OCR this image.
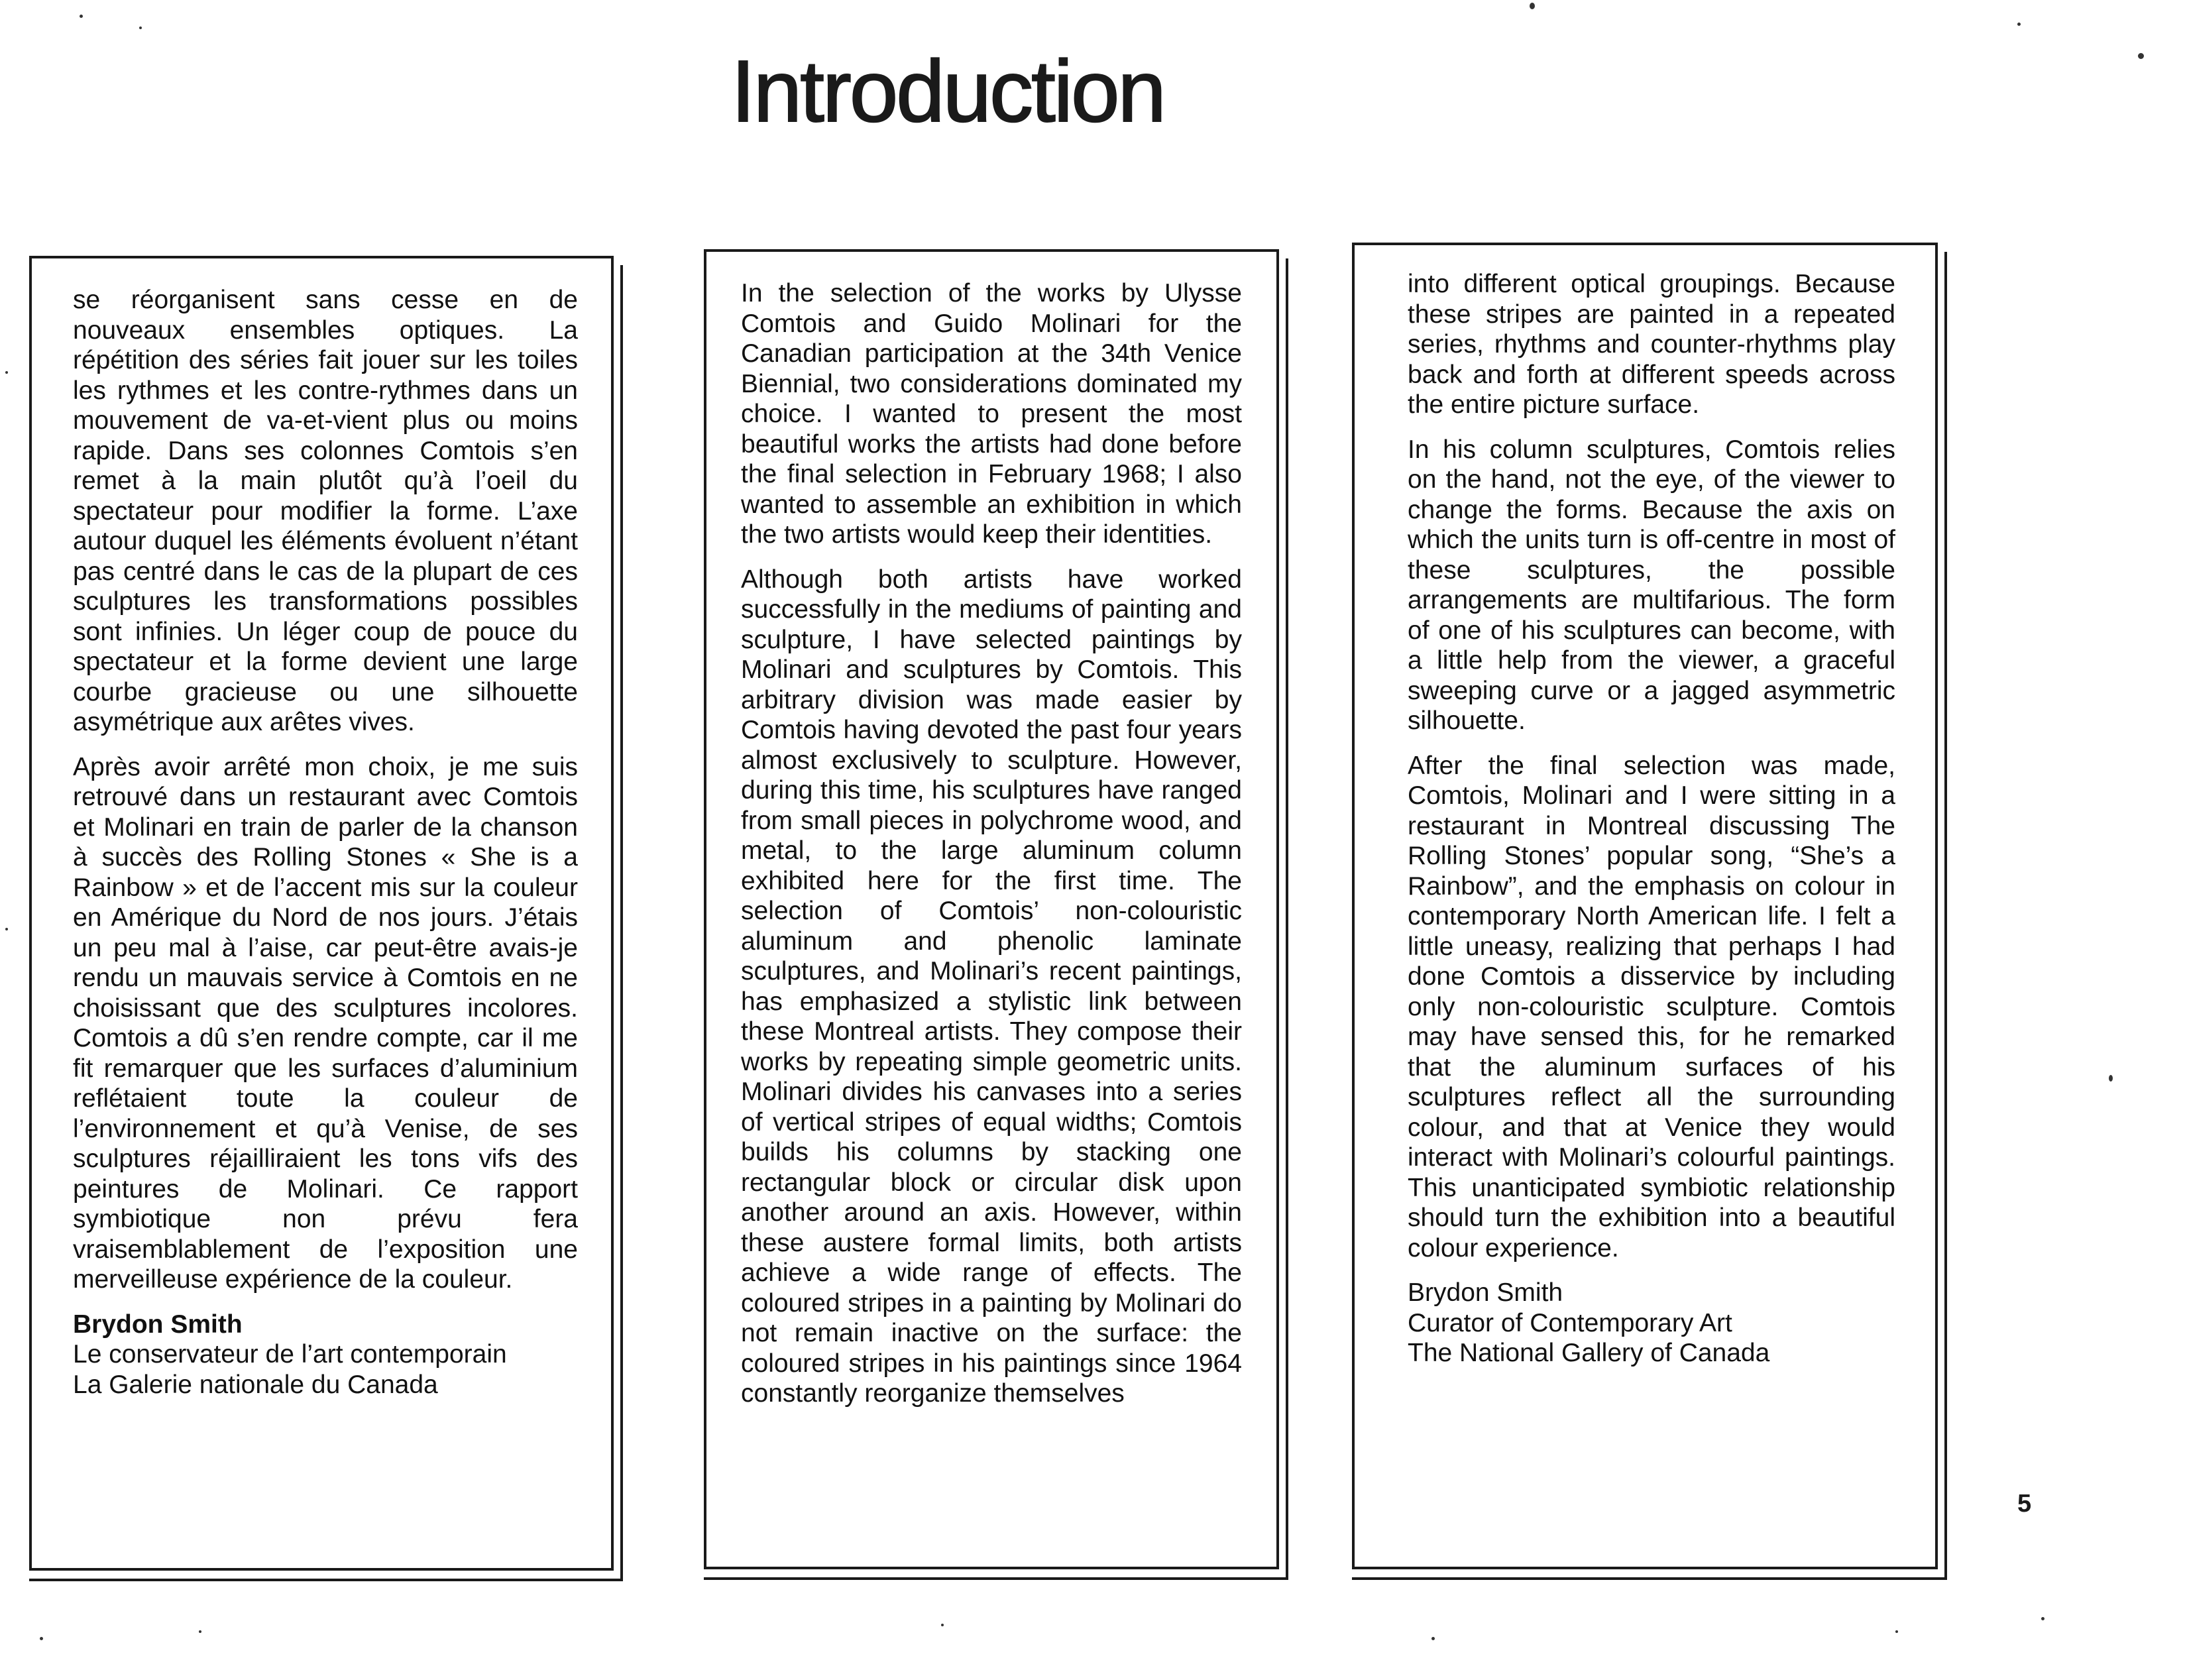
Introduction

se réorganisent sans cesse en de nouveaux ensembles optiques. La répétition des séries fait jouer sur les toiles les rythmes et les contre-rythmes dans un mouvement de va-et-vient plus ou moins rapide. Dans ses colonnes Comtois s’en remet à la main plutôt qu’à l’oeil du spectateur pour modifier la forme. L’axe autour duquel les éléments évoluent n’étant pas centré dans le cas de la plupart de ces sculptures les transformations possibles sont infinies. Un léger coup de pouce du spectateur et la forme devient une large courbe gracieuse ou une silhouette asymétrique aux arêtes vives.

Après avoir arrêté mon choix, je me suis retrouvé dans un restaurant avec Comtois et Molinari en train de parler de la chanson à succès des Rolling Stones « She is a Rainbow » et de l’accent mis sur la couleur en Amérique du Nord de nos jours. J’étais un peu mal à l’aise, car peut-être avais-je rendu un mauvais service à Comtois en ne choisissant que des sculptures incolores. Comtois a dû s’en rendre compte, car il me fit remarquer que les surfaces d’aluminium reflétaient toute la couleur de l’environnement et qu’à Venise, de ses sculptures réjailliraient les tons vifs des peintures de Molinari. Ce rapport symbiotique non prévu fera vraisemblablement de l’exposition une merveilleuse expérience de la couleur.

Brydon Smith
Le conservateur de l’art contemporain
La Galerie nationale du Canada

In the selection of the works by Ulysse Comtois and Guido Molinari for the Canadian participation at the 34th Venice Biennial, two considerations dominated my choice. I wanted to present the most beautiful works the artists had done before the final selection in February 1968; I also wanted to assemble an exhibition in which the two artists would keep their identities.

Although both artists have worked successfully in the mediums of painting and sculpture, I have selected paintings by Molinari and sculptures by Comtois. This arbitrary division was made easier by Comtois having devoted the past four years almost exclusively to sculpture. However, during this time, his sculptures have ranged from small pieces in polychrome wood, and metal, to the large aluminum column exhibited here for the first time. The selection of Comtois’ non-colouristic aluminum and phenolic laminate sculptures, and Molinari’s recent paintings, has emphasized a stylistic link between these Montreal artists. They compose their works by repeating simple geometric units. Molinari divides his canvases into a series of vertical stripes of equal widths; Comtois builds his columns by stacking one rectangular block or circular disk upon another around an axis. However, within these austere formal limits, both artists achieve a wide range of effects. The coloured stripes in a painting by Molinari do not remain inactive on the surface: the coloured stripes in his paintings since 1964 constantly reorganize themselves

into different optical groupings. Because these stripes are painted in a repeated series, rhythms and counter-rhythms play back and forth at different speeds across the entire picture surface.

In his column sculptures, Comtois relies on the hand, not the eye, of the viewer to change the forms. Because the axis on which the units turn is off-centre in most of these sculptures, the possible arrangements are multifarious. The form of one of his sculptures can become, with a little help from the viewer, a graceful sweeping curve or a jagged asymmetric silhouette.

After the final selection was made, Comtois, Molinari and I were sitting in a restaurant in Montreal discussing The Rolling Stones’ popular song, “She’s a Rainbow”, and the emphasis on colour in contemporary North American life. I felt a little uneasy, realizing that perhaps I had done Comtois a disservice by including only non-colouristic sculpture. Comtois may have sensed this, for he remarked that the aluminum surfaces of his sculptures reflect all the surrounding colour, and that at Venice they would interact with Molinari’s colourful paintings. This unanticipated symbiotic relationship should turn the exhibition into a beautiful colour experience.

Brydon Smith
Curator of Contemporary Art
The National Gallery of Canada
5
